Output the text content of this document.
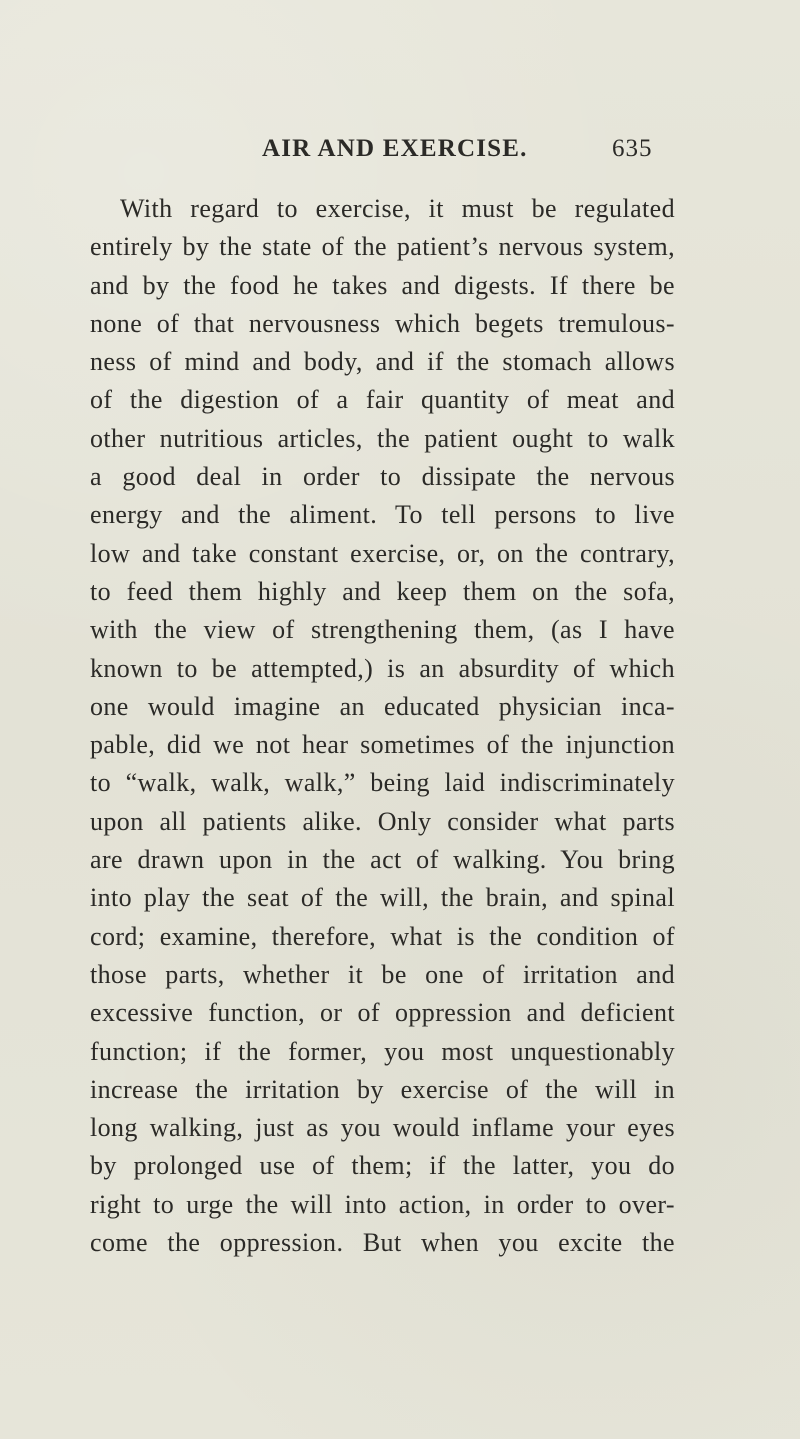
AIR AND EXERCISE.	635
With regard to exercise, it must be regulated
entirely by the state of the patient’s nervous system,
and by the food he takes and digests. If there be
none of that nervousness which begets tremulous-
ness of mind and body, and if the stomach allows
of the digestion of a fair quantity of meat and
other nutritious articles, the patient ought to walk
a good deal in order to dissipate the nervous
energy and the aliment. To tell persons to live
low and take constant exercise, or, on the contrary,
to feed them highly and keep them on the sofa,
with the view of strengthening them, (as I have
known to be attempted,) is an absurdity of which
one would imagine an educated physician inca-
pable, did we not hear sometimes of the injunction
to “walk, walk, walk,” being laid indiscriminately
upon all patients alike. Only consider what parts
are drawn upon in the act of walking. You bring
into play the seat of the will, the brain, and spinal
cord; examine, therefore, what is the condition of
those parts, whether it be one of irritation and
excessive function, or of oppression and deficient
function; if the former, you most unquestionably
increase the irritation by exercise of the will in
long walking, just as you would inflame your eyes
by prolonged use of them; if the latter, you do
right to urge the will into action, in order to over-
come the oppression. But when you excite the
